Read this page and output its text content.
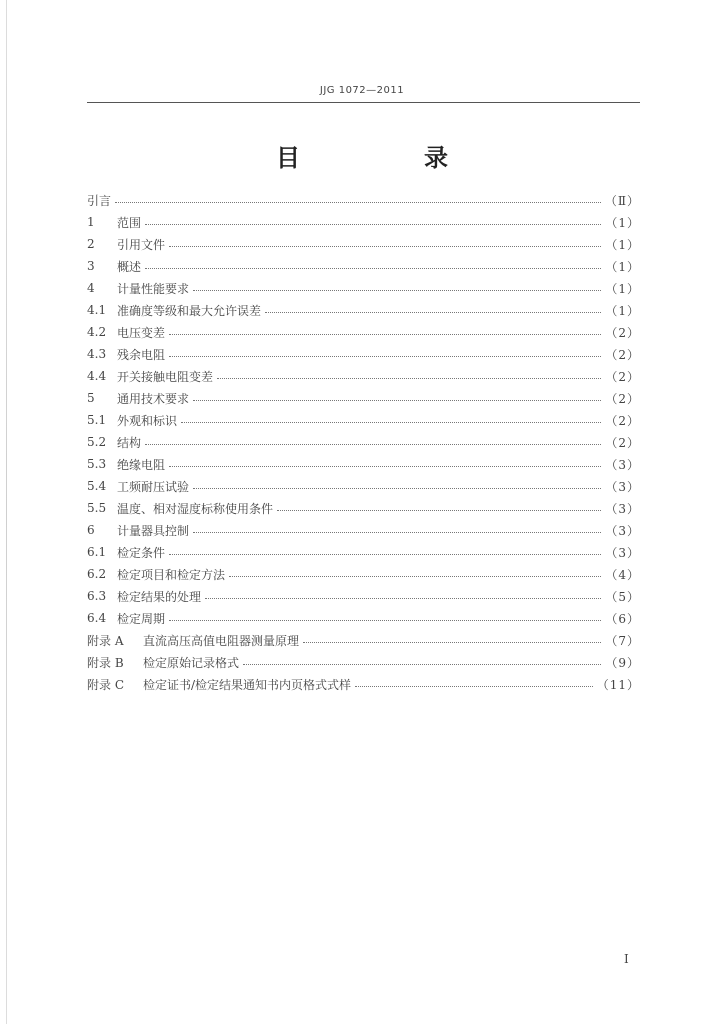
JJG 1072—2011
目　录
引言	（Ⅱ）
1	范围	（1）
2	引用文件	（1）
3	概述	（1）
4	计量性能要求	（1）
4.1 准确度等级和最大允许误差	（1）
4.2 电压变差	（2）
4.3 残余电阻	（2）
4.4 开关接触电阻变差	（2）
5	通用技术要求	（2）
5.1 外观和标识	（2）
5.2 结构	（2）
5.3 绝缘电阻	（3）
5.4 工频耐压试验	（3）
5.5 温度、相对湿度标称使用条件	（3）
6	计量器具控制	（3）
6.1 检定条件	（3）
6.2 检定项目和检定方法	（4）
6.3 检定结果的处理	（5）
6.4 检定周期	（6）
附录 A	直流高压高值电阻器测量原理	（7）
附录 B	检定原始记录格式	（9）
附录 C	检定证书/检定结果通知书内页格式式样	（11）
I
